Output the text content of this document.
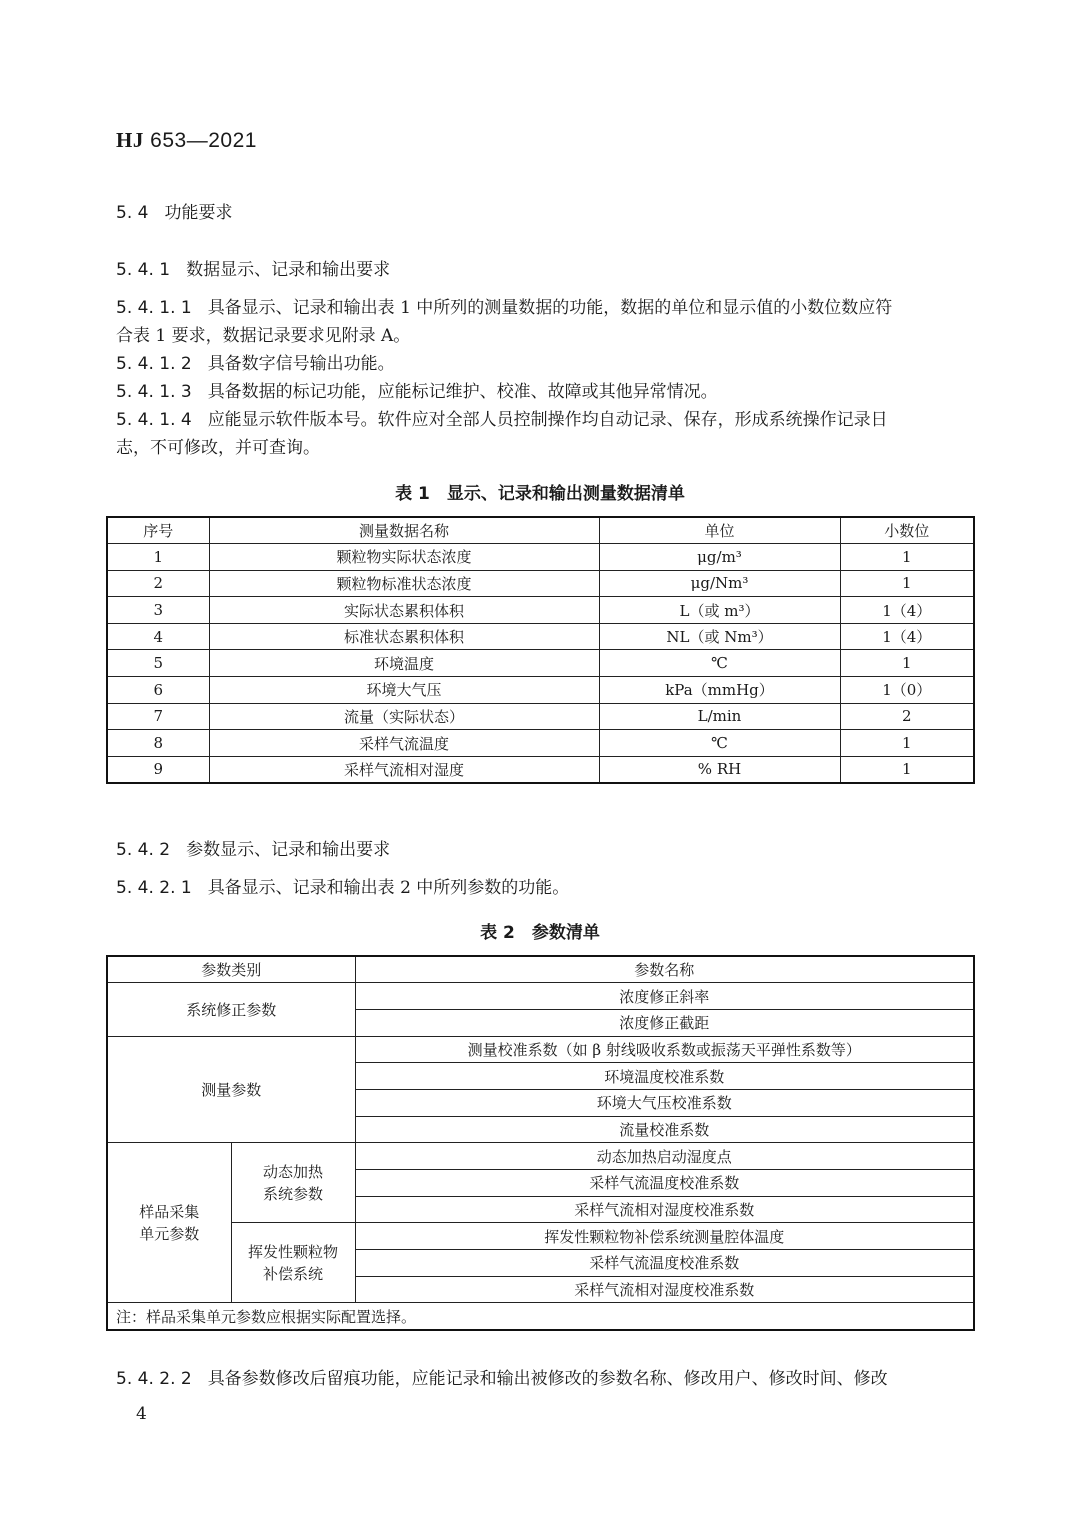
HJ 653—2021
5. 4 功能要求
5. 4. 1 数据显示、记录和输出要求
5. 4. 1. 1 具备显示、记录和输出表 1 中所列的测量数据的功能，数据的单位和显示值的小数位数应符
合表 1 要求，数据记录要求见附录 A。
5. 4. 1. 2 具备数字信号输出功能。
5. 4. 1. 3 具备数据的标记功能，应能标记维护、校准、故障或其他异常情况。
5. 4. 1. 4 应能显示软件版本号。软件应对全部人员控制操作均自动记录、保存，形成系统操作记录日
志，不可修改，并可查询。
表 1　显示、记录和输出测量数据清单
序号	测量数据名称	单位	小数位
1	颗粒物实际状态浓度	μg/m³	1
2	颗粒物标准状态浓度	μg/Nm³	1
3	实际状态累积体积	L（或 m³）	1（4）
4	标准状态累积体积	NL（或 Nm³）	1（4）
5	环境温度	℃	1
6	环境大气压	kPa（mmHg）	1（0）
7	流量（实际状态）	L/min	2
8	采样气流温度	℃	1
9	采样气流相对湿度	% RH	1
5. 4. 2 参数显示、记录和输出要求
5. 4. 2. 1 具备显示、记录和输出表 2 中所列参数的功能。
表 2　参数清单
参数类别		参数名称
系统修正参数		浓度修正斜率
		浓度修正截距
测量参数		测量校准系数（如 β 射线吸收系数或振荡天平弹性系数等）
		环境温度校准系数
		环境大气压校准系数
		流量校准系数

样品采集单元参数	动态加热系统参数	动态加热启动湿度点
		采样气流温度校准系数
		采样气流相对湿度校准系数

	挥发性颗粒物补偿系统	挥发性颗粒物补偿系统测量腔体温度
		采样气流温度校准系数
		采样气流相对湿度校准系数
注：样品采集单元参数应根据实际配置选择。		
5. 4. 2. 2 具备参数修改后留痕功能，应能记录和输出被修改的参数名称、修改用户、修改时间、修改
4
